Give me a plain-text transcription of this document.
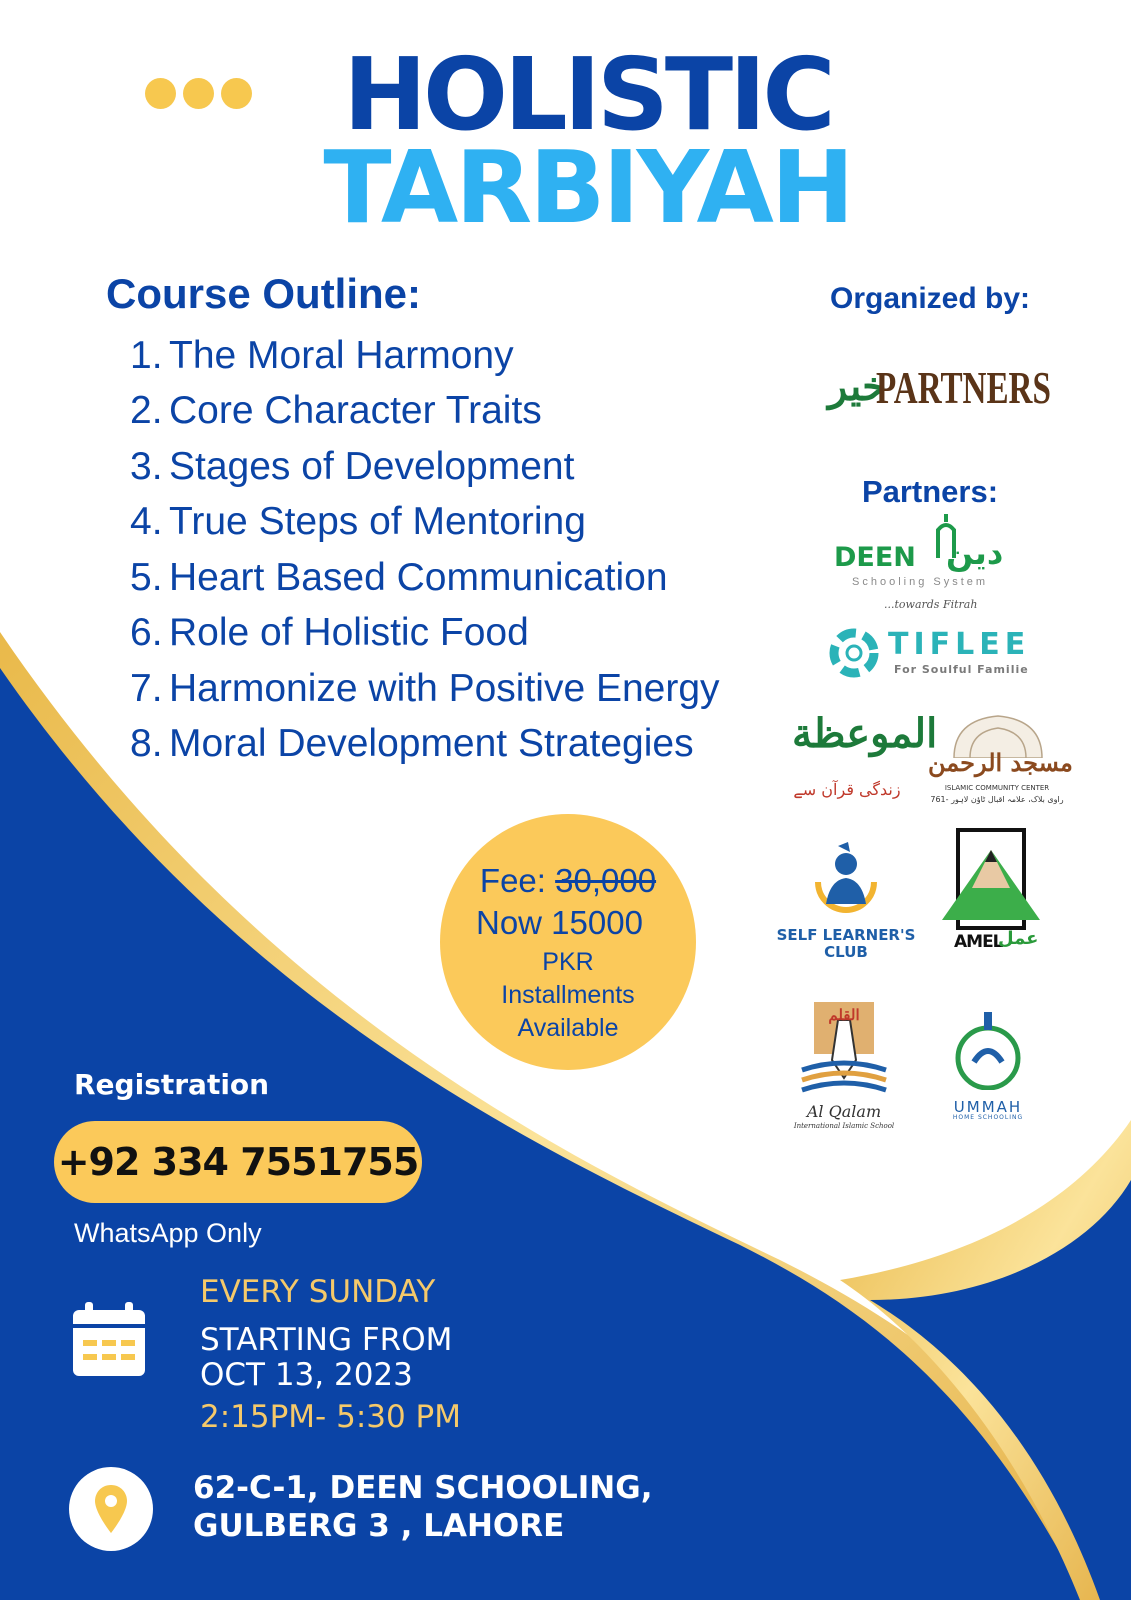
HOLISTIC
TARBIYAH
Course Outline:
1. The Moral Harmony
2. Core Character Traits
3. Stages of Development
4. True Steps of Mentoring
5. Heart Based Communication
6. Role of Holistic Food
7. Harmonize with Positive Energy
8. Moral Development Strategies
Organized by:
خیر
PARTNERS
Partners:
DEEN دین
Schooling System
...towards Fitrah
TIFLEE
For Soulful Familie
الموعظة
زندگی قرآن سے
مسجد الرحمن
ISLAMIC COMMUNITY CENTER
761- راوی بلاک، علامہ اقبال ٹاؤن لاہور
SELF LEARNER'S
CLUB	AMEL
عمل
القلم
Al Qalam
International Islamic School
UMMAH
HOME SCHOOLING
Fee: 30,000
Now 15000
PKR
Installments
Available
Registration
+92 334 7551755
WhatsApp Only
EVERY SUNDAY
STARTING FROM
OCT 13, 2023
2:15PM- 5:30 PM
62-C-1, DEEN SCHOOLING,
GULBERG 3 , LAHORE
